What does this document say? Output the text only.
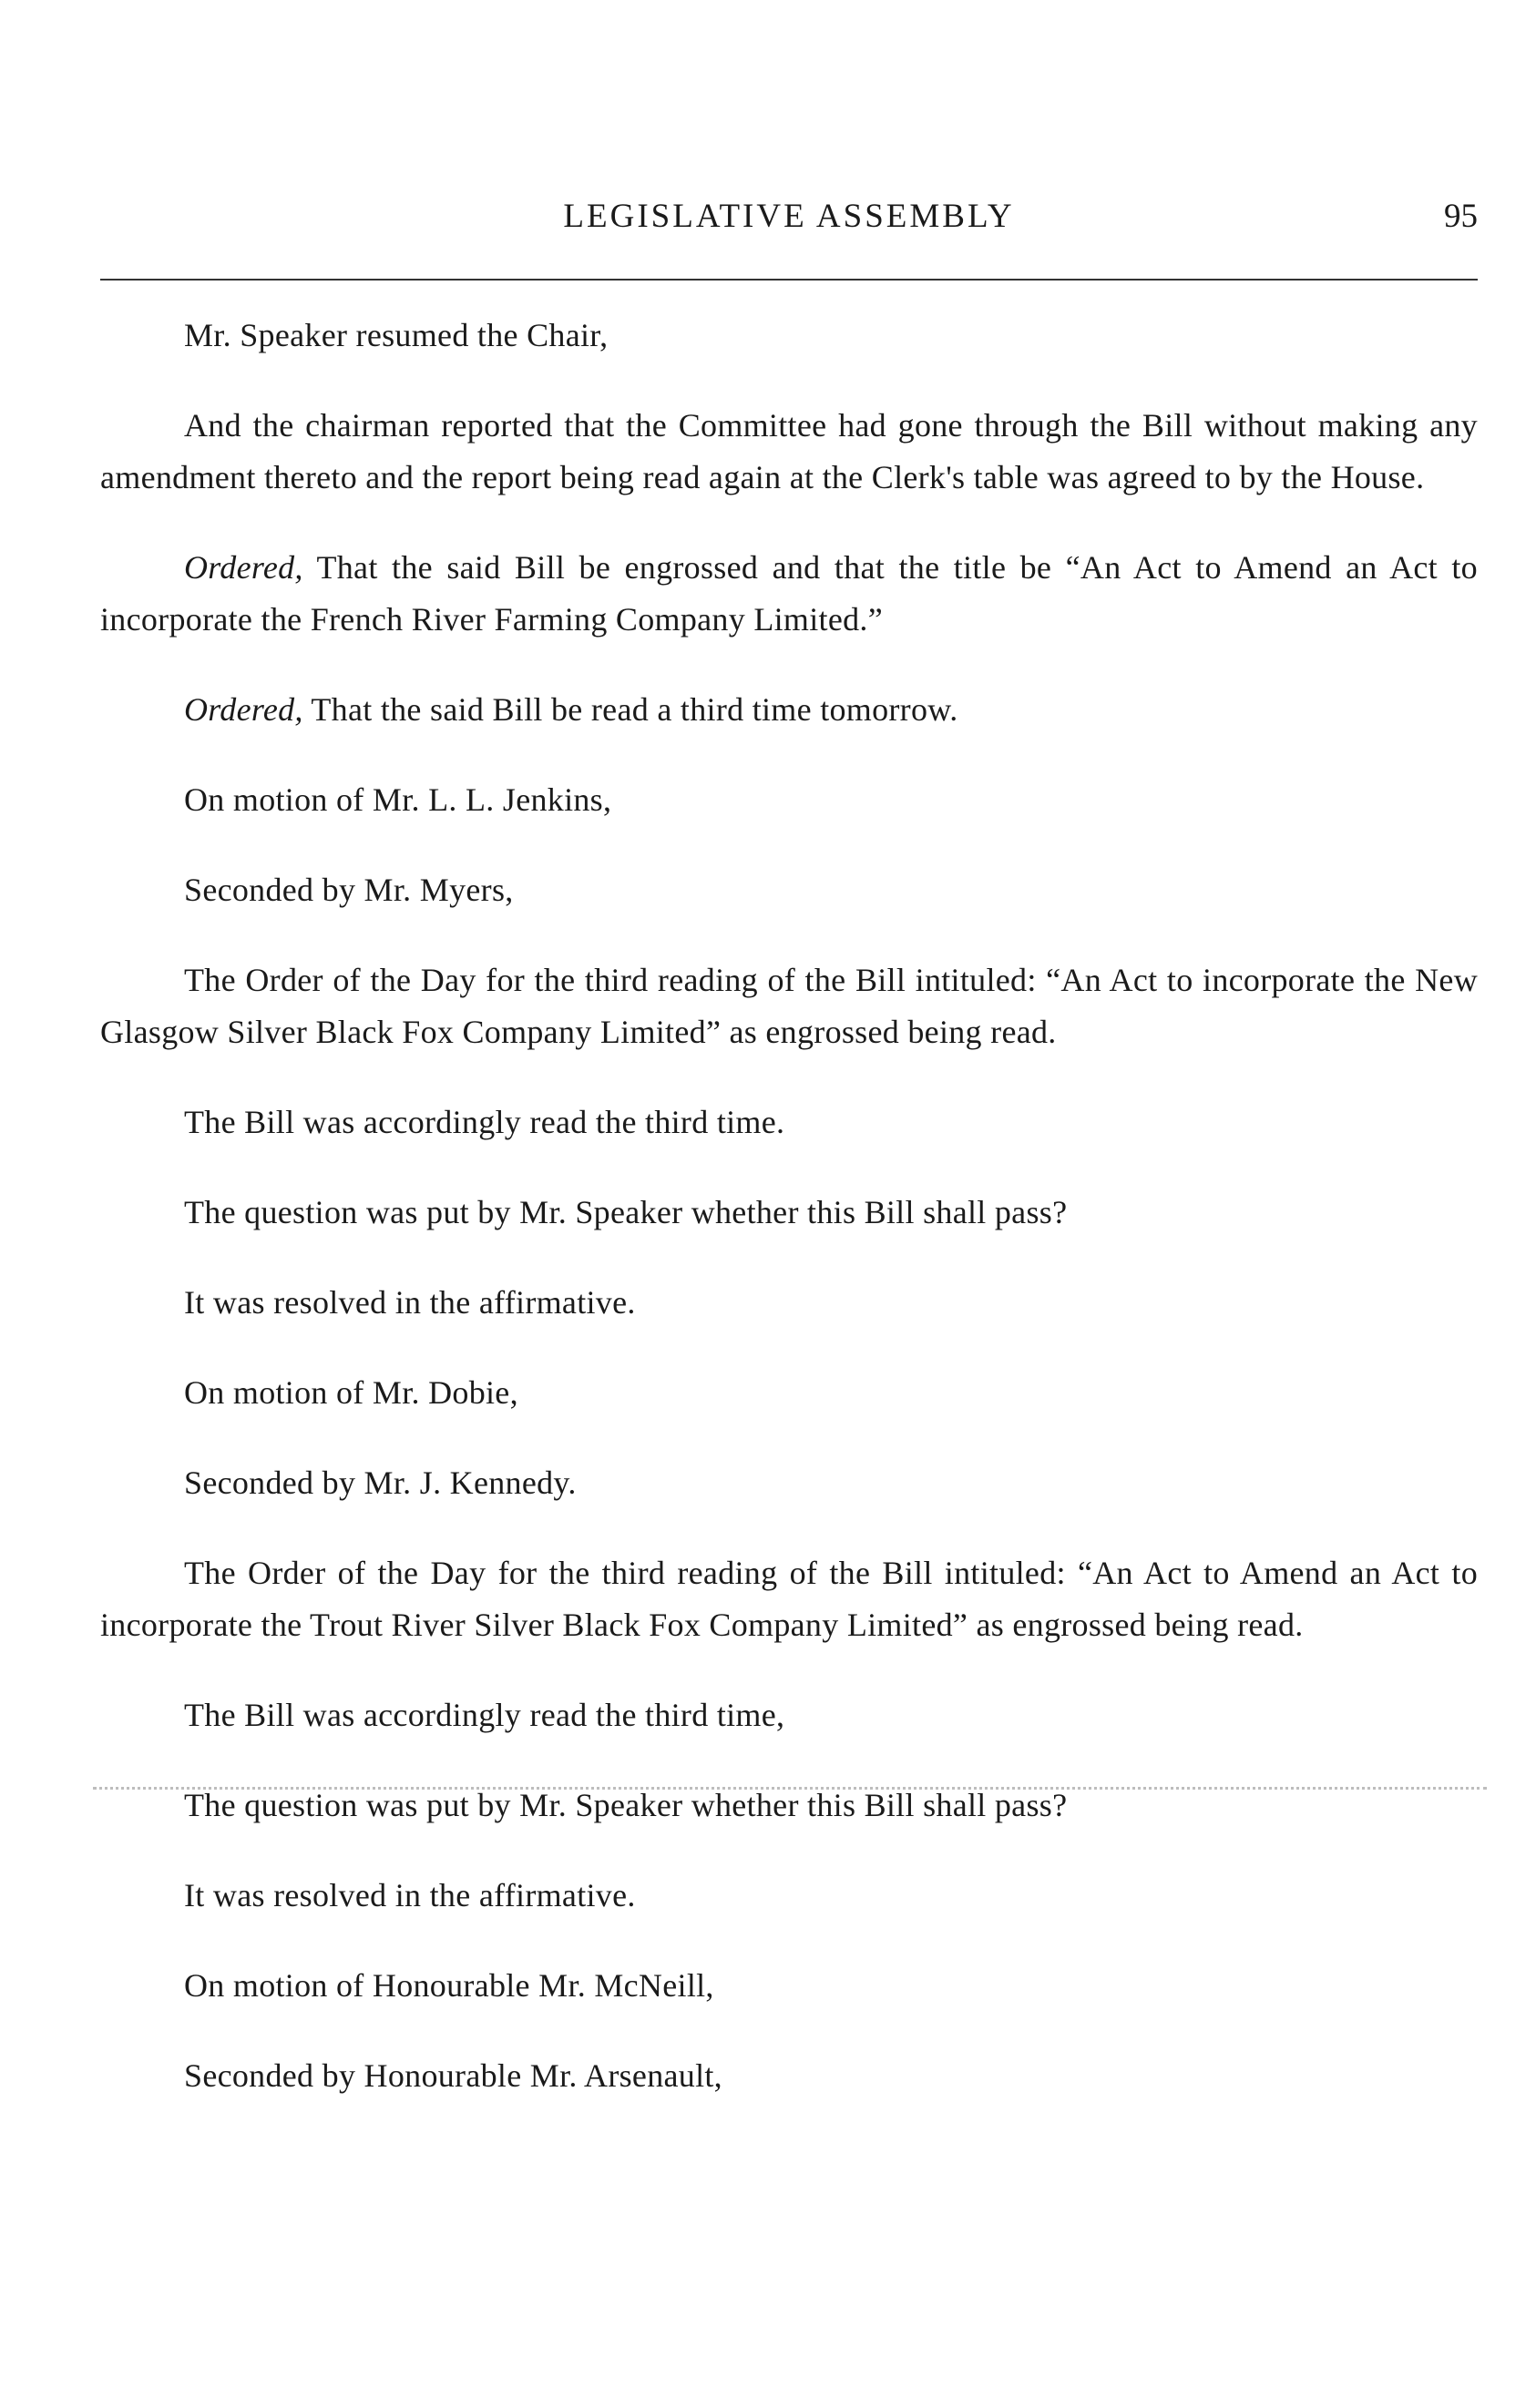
LEGISLATIVE ASSEMBLY	95

Mr. Speaker resumed the Chair,

And the chairman reported that the Committee had gone through the Bill without making any amendment thereto and the report being read again at the Clerk's table was agreed to by the House.

Ordered, That the said Bill be engrossed and that the title be “An Act to Amend an Act to incorporate the French River Farming Company Limited.”

Ordered, That the said Bill be read a third time tomorrow.

On motion of Mr. L. L. Jenkins,

Seconded by Mr. Myers,

The Order of the Day for the third reading of the Bill intituled: “An Act to incorporate the New Glasgow Silver Black Fox Company Limited” as engrossed being read.

The Bill was accordingly read the third time.

The question was put by Mr. Speaker whether this Bill shall pass?

It was resolved in the affirmative.

On motion of Mr. Dobie,

Seconded by Mr. J. Kennedy.

The Order of the Day for the third reading of the Bill intituled: “An Act to Amend an Act to incorporate the Trout River Silver Black Fox Company Limited” as engrossed being read.

The Bill was accordingly read the third time,

The question was put by Mr. Speaker whether this Bill shall pass?

It was resolved in the affirmative.

On motion of Honourable Mr. McNeill,

Seconded by Honourable Mr. Arsenault,
